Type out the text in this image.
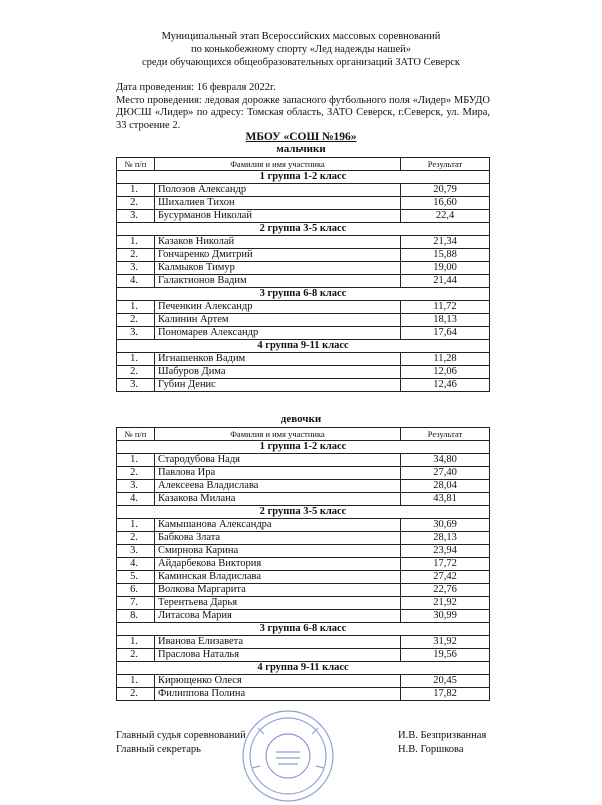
Муниципальный этап Всероссийских массовых соревнований
по конькобежному спорту «Лед надежды нашей»
среди обучающихся общеобразовательных организаций ЗАТО Северск

Дата проведения: 16 февраля 2022г.

Место проведения: ледовая дорожке запасного футбольного поля «Лидер» МБУДО ДЮСШ «Лидер» по адресу: Томская область, ЗАТО Северск, г.Северск, ул. Мира, 33 строение 2.

МБОУ «СОШ №196»
мальчики
№ п/п	Фамилия и имя участника	Результат
1 группа 1-2 класс		
1.	Полозов Александр	20,79
2.	Шихалиев Тихон	16,60
3.	Бусурманов Николай	22,4
2 группа 3-5 класс		
1.	Казаков Николай	21,34
2.	Гончаренко Дмитрий	15,88
3.	Калмыков Тимур	19,00
4.	Галактионов Вадим	21,44
3 группа 6-8 класс		
1.	Печенкин Александр	11,72
2.	Калинин Артем	18,13
3.	Пономарев Александр	17,64
4 группа 9-11 класс		
1.	Игнашенков Вадим	11,28
2.	Шабуров Дима	12,06
3.	Губин Денис	12,46
девочки
№ п/п	Фамилия и имя участника	Результат
1 группа 1-2 класс		
1.	Стародубова Надя	34,80
2.	Павлова Ира	27,40
3.	Алексеева Владислава	28,04
4.	Казакова Милана	43,81
2 группа 3-5 класс		
1.	Камышанова Александра	30,69
2.	Бабкова Злата	28,13
3.	Смирнова Карина	23,94
4.	Айдарбекова Виктория	17,72
5.	Каминская Владислава	27,42
6.	Волкова Маргарита	22,76
7.	Терентьева Дарья	21,92
8.	Литасова Мария	30,99
3 группа 6-8 класс		
1.	Иванова Елизавета	31,92
2.	Праслова Наталья	19,56
4 группа 9-11 класс		
1.	Кирющенко Олеся	20,45
2.	Филиппова Полина	17,82
Главный судья соревнований	И.В. Безпризванная
Главный секретарь	Н.В. Горшкова
